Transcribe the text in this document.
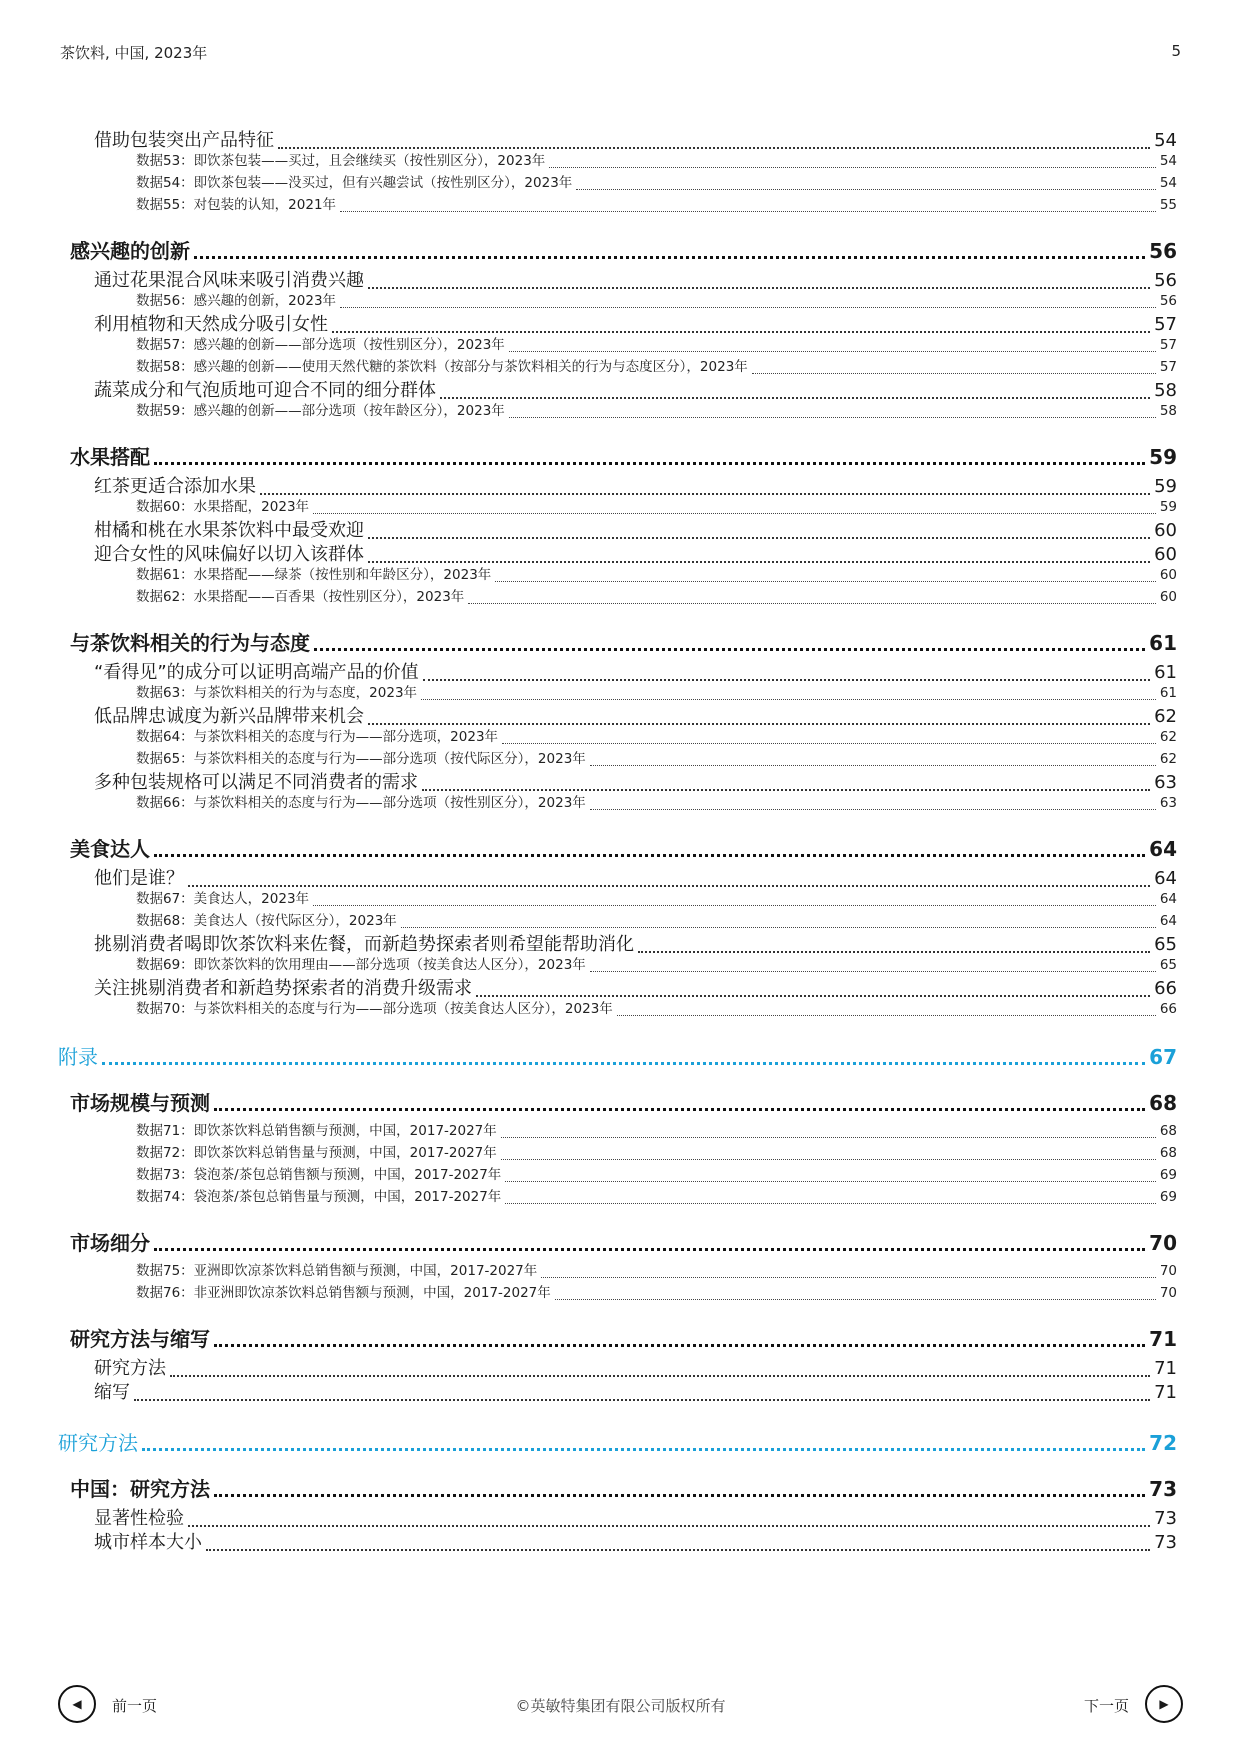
茶饮料, 中国, 2023年	5
借助包装突出产品特征	54
数据53：即饮茶包装——买过，且会继续买（按性别区分），2023年	54
数据54：即饮茶包装——没买过，但有兴趣尝试（按性别区分），2023年	54
数据55：对包装的认知，2021年	55
感兴趣的创新	56
通过花果混合风味来吸引消费兴趣	56
数据56：感兴趣的创新，2023年	56
利用植物和天然成分吸引女性	57
数据57：感兴趣的创新——部分选项（按性别区分），2023年	57
数据58：感兴趣的创新——使用天然代糖的茶饮料（按部分与茶饮料相关的行为与态度区分），2023年	57
蔬菜成分和气泡质地可迎合不同的细分群体	58
数据59：感兴趣的创新——部分选项（按年龄区分），2023年	58
水果搭配	59
红茶更适合添加水果	59
数据60：水果搭配，2023年	59
柑橘和桃在水果茶饮料中最受欢迎	60
迎合女性的风味偏好以切入该群体	60
数据61：水果搭配——绿茶（按性别和年龄区分），2023年	60
数据62：水果搭配——百香果（按性别区分），2023年	60
与茶饮料相关的行为与态度	61
“看得见”的成分可以证明高端产品的价值	61
数据63：与茶饮料相关的行为与态度，2023年	61
低品牌忠诚度为新兴品牌带来机会	62
数据64：与茶饮料相关的态度与行为——部分选项，2023年	62
数据65：与茶饮料相关的态度与行为——部分选项（按代际区分），2023年	62
多种包装规格可以满足不同消费者的需求	63
数据66：与茶饮料相关的态度与行为——部分选项（按性别区分），2023年	63
美食达人	64
他们是谁？	64
数据67：美食达人，2023年	64
数据68：美食达人（按代际区分），2023年	64
挑剔消费者喝即饮茶饮料来佐餐，而新趋势探索者则希望能帮助消化	65
数据69：即饮茶饮料的饮用理由——部分选项（按美食达人区分），2023年	65
关注挑剔消费者和新趋势探索者的消费升级需求	66
数据70：与茶饮料相关的态度与行为——部分选项（按美食达人区分），2023年	66
附录	67
市场规模与预测	68
数据71：即饮茶饮料总销售额与预测，中国，2017-2027年	68
数据72：即饮茶饮料总销售量与预测，中国，2017-2027年	68
数据73：袋泡茶/茶包总销售额与预测，中国，2017-2027年	69
数据74：袋泡茶/茶包总销售量与预测，中国，2017-2027年	69
市场细分	70
数据75：亚洲即饮凉茶饮料总销售额与预测，中国，2017-2027年	70
数据76：非亚洲即饮凉茶饮料总销售额与预测，中国，2017-2027年	70
研究方法与缩写	71
研究方法	71
缩写	71
研究方法	72
中国：研究方法	73
显著性检验	73
城市样本大小	73
◀ 前一页	©英敏特集团有限公司版权所有	下一页	▶
